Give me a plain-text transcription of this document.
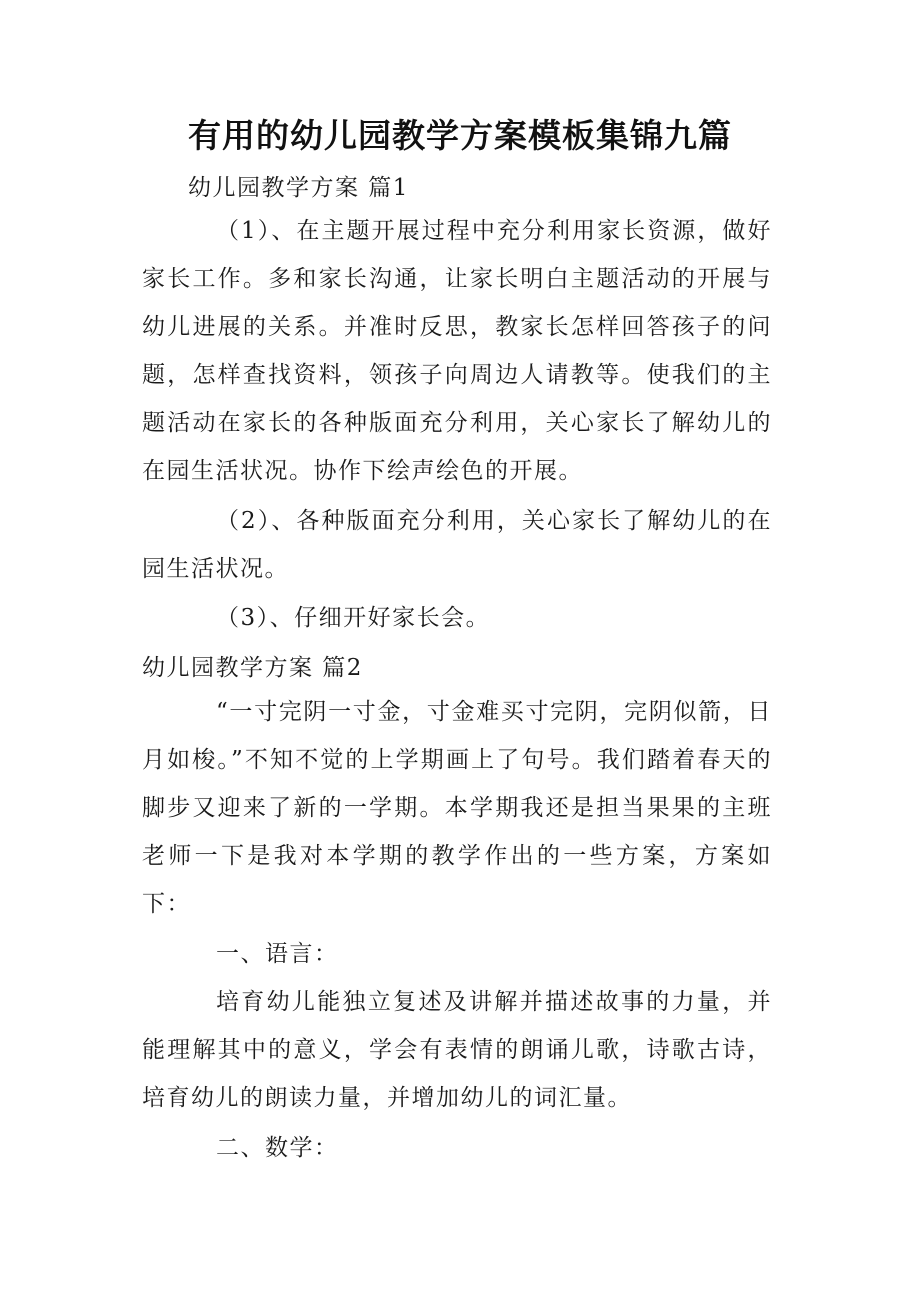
有用的幼儿园教学方案模板集锦九篇
幼儿园教学方案 篇1
（1）、在主题开展过程中充分利用家长资源，做好家长工作。多和家长沟通，让家长明白主题活动的开展与幼儿进展的关系。并准时反思，教家长怎样回答孩子的问题，怎样查找资料，领孩子向周边人请教等。使我们的主题活动在家长的各种版面充分利用，关心家长了解幼儿的在园生活状况。协作下绘声绘色的开展。
（2）、各种版面充分利用，关心家长了解幼儿的在园生活状况。
（3）、仔细开好家长会。
幼儿园教学方案 篇2
“一寸完阴一寸金，寸金难买寸完阴，完阴似箭，日月如梭。”不知不觉的上学期画上了句号。我们踏着春天的脚步又迎来了新的一学期。本学期我还是担当果果的主班老师一下是我对本学期的教学作出的一些方案，方案如下：
一、语言：
培育幼儿能独立复述及讲解并描述故事的力量，并能理解其中的意义，学会有表情的朗诵儿歌，诗歌古诗，培育幼儿的朗读力量，并增加幼儿的词汇量。
二、数学：
